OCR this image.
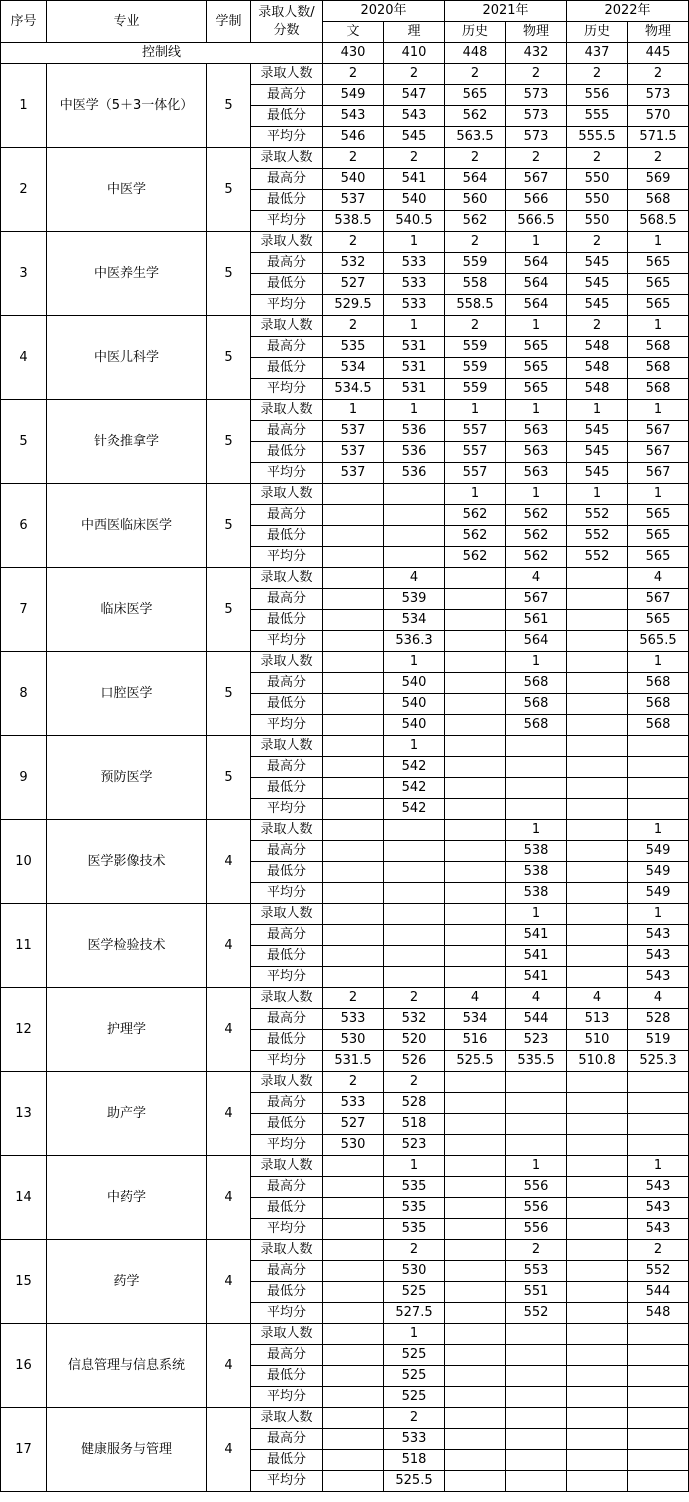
序号	专业	学制	录取人数/
分数	2020年		2021年		2022年	
				文	理	历史	物理	历史	物理
控制线				430	410	448	432	437	445
1	中医学（5＋3一体化）	5	录取人数	2	2	2	2	2	2
			最高分	549	547	565	573	556	573
			最低分	543	543	562	573	555	570
			平均分	546	545	563.5	573	555.5	571.5
2	中医学	5	录取人数	2	2	2	2	2	2
			最高分	540	541	564	567	550	569
			最低分	537	540	560	566	550	568
			平均分	538.5	540.5	562	566.5	550	568.5
3	中医养生学	5	录取人数	2	1	2	1	2	1
			最高分	532	533	559	564	545	565
			最低分	527	533	558	564	545	565
			平均分	529.5	533	558.5	564	545	565
4	中医儿科学	5	录取人数	2	1	2	1	2	1
			最高分	535	531	559	565	548	568
			最低分	534	531	559	565	548	568
			平均分	534.5	531	559	565	548	568
5	针灸推拿学	5	录取人数	1	1	1	1	1	1
			最高分	537	536	557	563	545	567
			最低分	537	536	557	563	545	567
			平均分	537	536	557	563	545	567
6	中西医临床医学	5	录取人数			1	1	1	1
			最高分			562	562	552	565
			最低分			562	562	552	565
			平均分			562	562	552	565
7	临床医学	5	录取人数		4		4		4
			最高分		539		567		567
			最低分		534		561		565
			平均分		536.3		564		565.5
8	口腔医学	5	录取人数		1		1		1
			最高分		540		568		568
			最低分		540		568		568
			平均分		540		568		568
9	预防医学	5	录取人数		1				
			最高分		542				
			最低分		542				
			平均分		542				
10	医学影像技术	4	录取人数				1		1
			最高分				538		549
			最低分				538		549
			平均分				538		549
11	医学检验技术	4	录取人数				1		1
			最高分				541		543
			最低分				541		543
			平均分				541		543
12	护理学	4	录取人数	2	2	4	4	4	4
			最高分	533	532	534	544	513	528
			最低分	530	520	516	523	510	519
			平均分	531.5	526	525.5	535.5	510.8	525.3
13	助产学	4	录取人数	2	2				
			最高分	533	528				
			最低分	527	518				
			平均分	530	523				
14	中药学	4	录取人数		1		1		1
			最高分		535		556		543
			最低分		535		556		543
			平均分		535		556		543
15	药学	4	录取人数		2		2		2
			最高分		530		553		552
			最低分		525		551		544
			平均分		527.5		552		548
16	信息管理与信息系统	4	录取人数		1				
			最高分		525				
			最低分		525				
			平均分		525				
17	健康服务与管理	4	录取人数		2				
			最高分		533				
			最低分		518				
			平均分		525.5				
